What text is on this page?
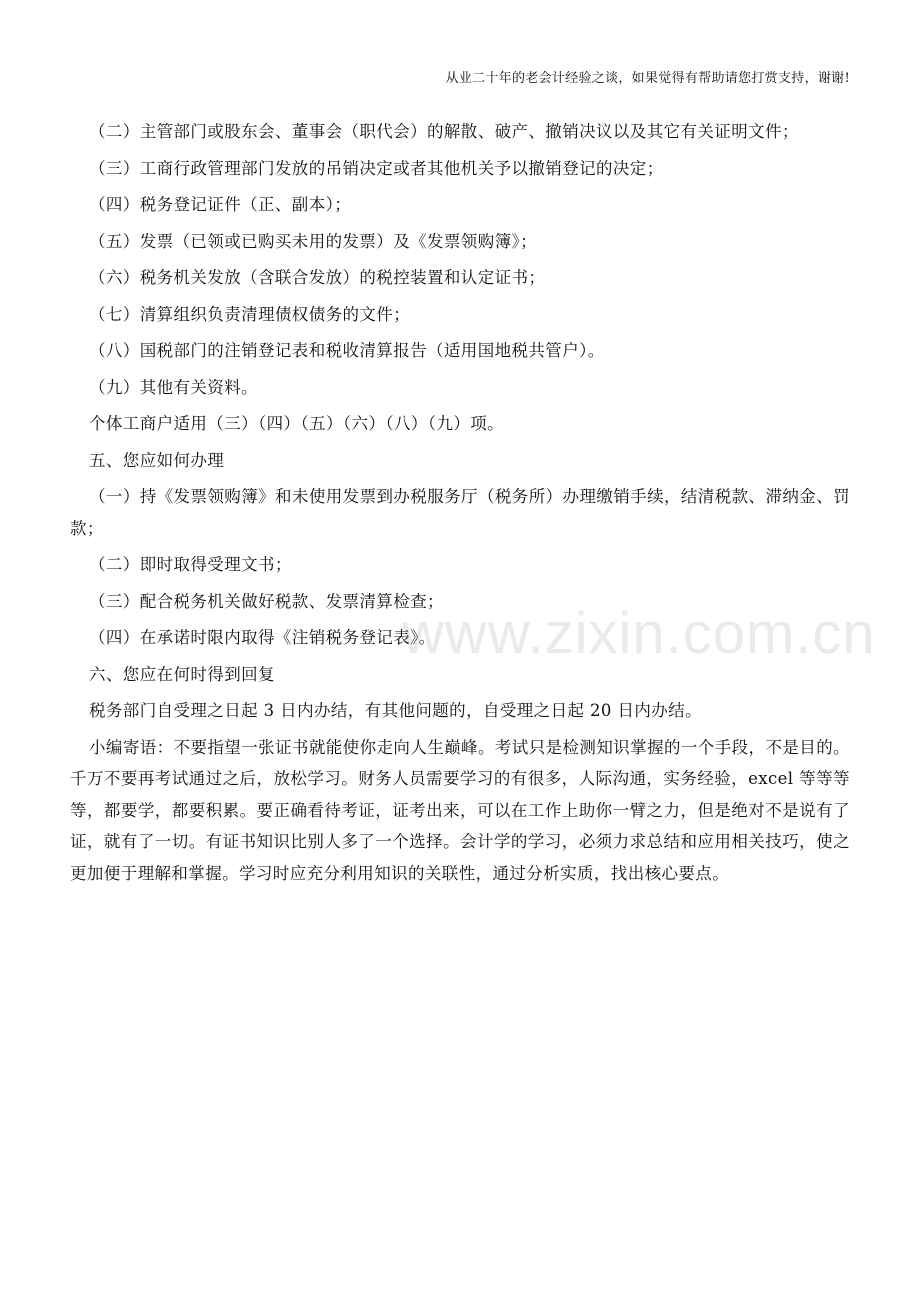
从业二十年的老会计经验之谈，如果觉得有帮助请您打赏支持，谢谢!
www.zixin.com.cn

（二）主管部门或股东会、董事会（职代会）的解散、破产、撤销决议以及其它有关证明文件；

（三）工商行政管理部门发放的吊销决定或者其他机关予以撤销登记的决定；

（四）税务登记证件（正、副本）；

（五）发票（已领或已购买未用的发票）及《发票领购簿》；

（六）税务机关发放（含联合发放）的税控装置和认定证书；

（七）清算组织负责清理债权债务的文件；

（八）国税部门的注销登记表和税收清算报告（适用国地税共管户）。

（九）其他有关资料。

个体工商户适用（三）（四）（五）（六）（八）（九）项。

五、您应如何办理

（一）持《发票领购簿》和未使用发票到办税服务厅（税务所）办理缴销手续，结清税款、滞纳金、罚款；

（二）即时取得受理文书；

（三）配合税务机关做好税款、发票清算检查；

（四）在承诺时限内取得《注销税务登记表》。

六、您应在何时得到回复

税务部门自受理之日起 3 日内办结，有其他问题的，自受理之日起 20 日内办结。

小编寄语：不要指望一张证书就能使你走向人生巅峰。考试只是检测知识掌握的一个手段，不是目的。千万不要再考试通过之后，放松学习。财务人员需要学习的有很多，人际沟通，实务经验，excel 等等等等，都要学，都要积累。要正确看待考证，证考出来，可以在工作上助你一臂之力，但是绝对不是说有了证，就有了一切。有证书知识比别人多了一个选择。会计学的学习，必须力求总结和应用相关技巧，使之更加便于理解和掌握。学习时应充分利用知识的关联性，通过分析实质，找出核心要点。
